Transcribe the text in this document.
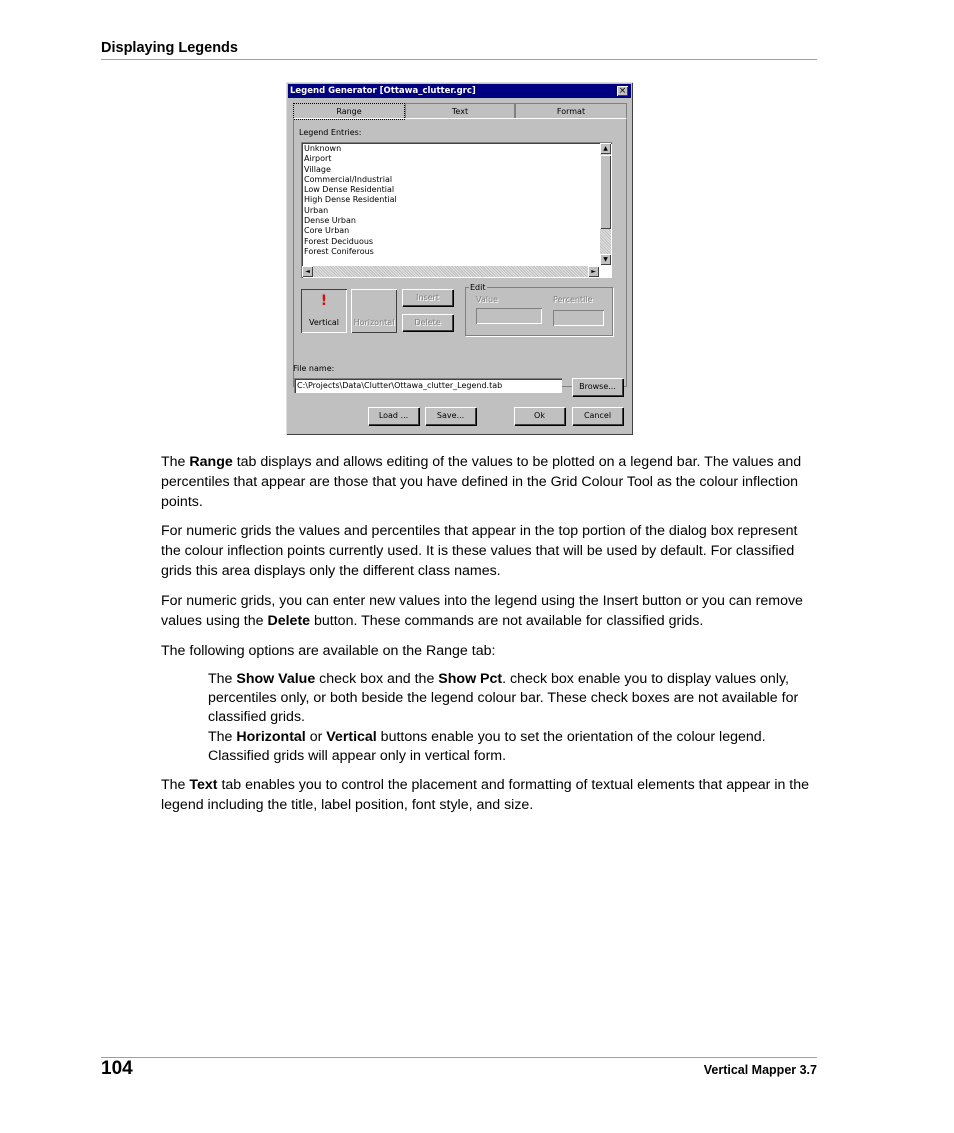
Displaying Legends
Legend Generator [Ottawa_clutter.grc]	×
Range	Text	Format
Legend Entries:
Unknown
Airport
Village
Commercial/Industrial
Low Dense Residential
High Dense Residential
Urban
Dense Urban
Core Urban
Forest Deciduous
Forest Coniferous
▲
▼
◄	►
!
Vertical	Horizontal
Insert
Delete
Edit
Value	Percentile
File name:
C:\Projects\Data\Clutter\Ottawa_clutter_Legend.tab	Browse...
Load ...	Save...	Ok	Cancel
The Range tab displays and allows editing of the values to be plotted on a legend bar. The values and percentiles that appear are those that you have defined in the Grid Colour Tool as the colour inflection points.
For numeric grids the values and percentiles that appear in the top portion of the dialog box represent the colour inflection points currently used. It is these values that will be used by default. For classified grids this area displays only the different class names.
For numeric grids, you can enter new values into the legend using the Insert button or you can remove values using the Delete button. These commands are not available for classified grids.
The following options are available on the Range tab:
The Show Value check box and the Show Pct. check box enable you to display values only, percentiles only, or both beside the legend colour bar. These check boxes are not available for classified grids.
The Horizontal or Vertical buttons enable you to set the orientation of the colour legend. Classified grids will appear only in vertical form.
The Text tab enables you to control the placement and formatting of textual elements that appear in the legend including the title, label position, font style, and size.
104	Vertical Mapper 3.7
